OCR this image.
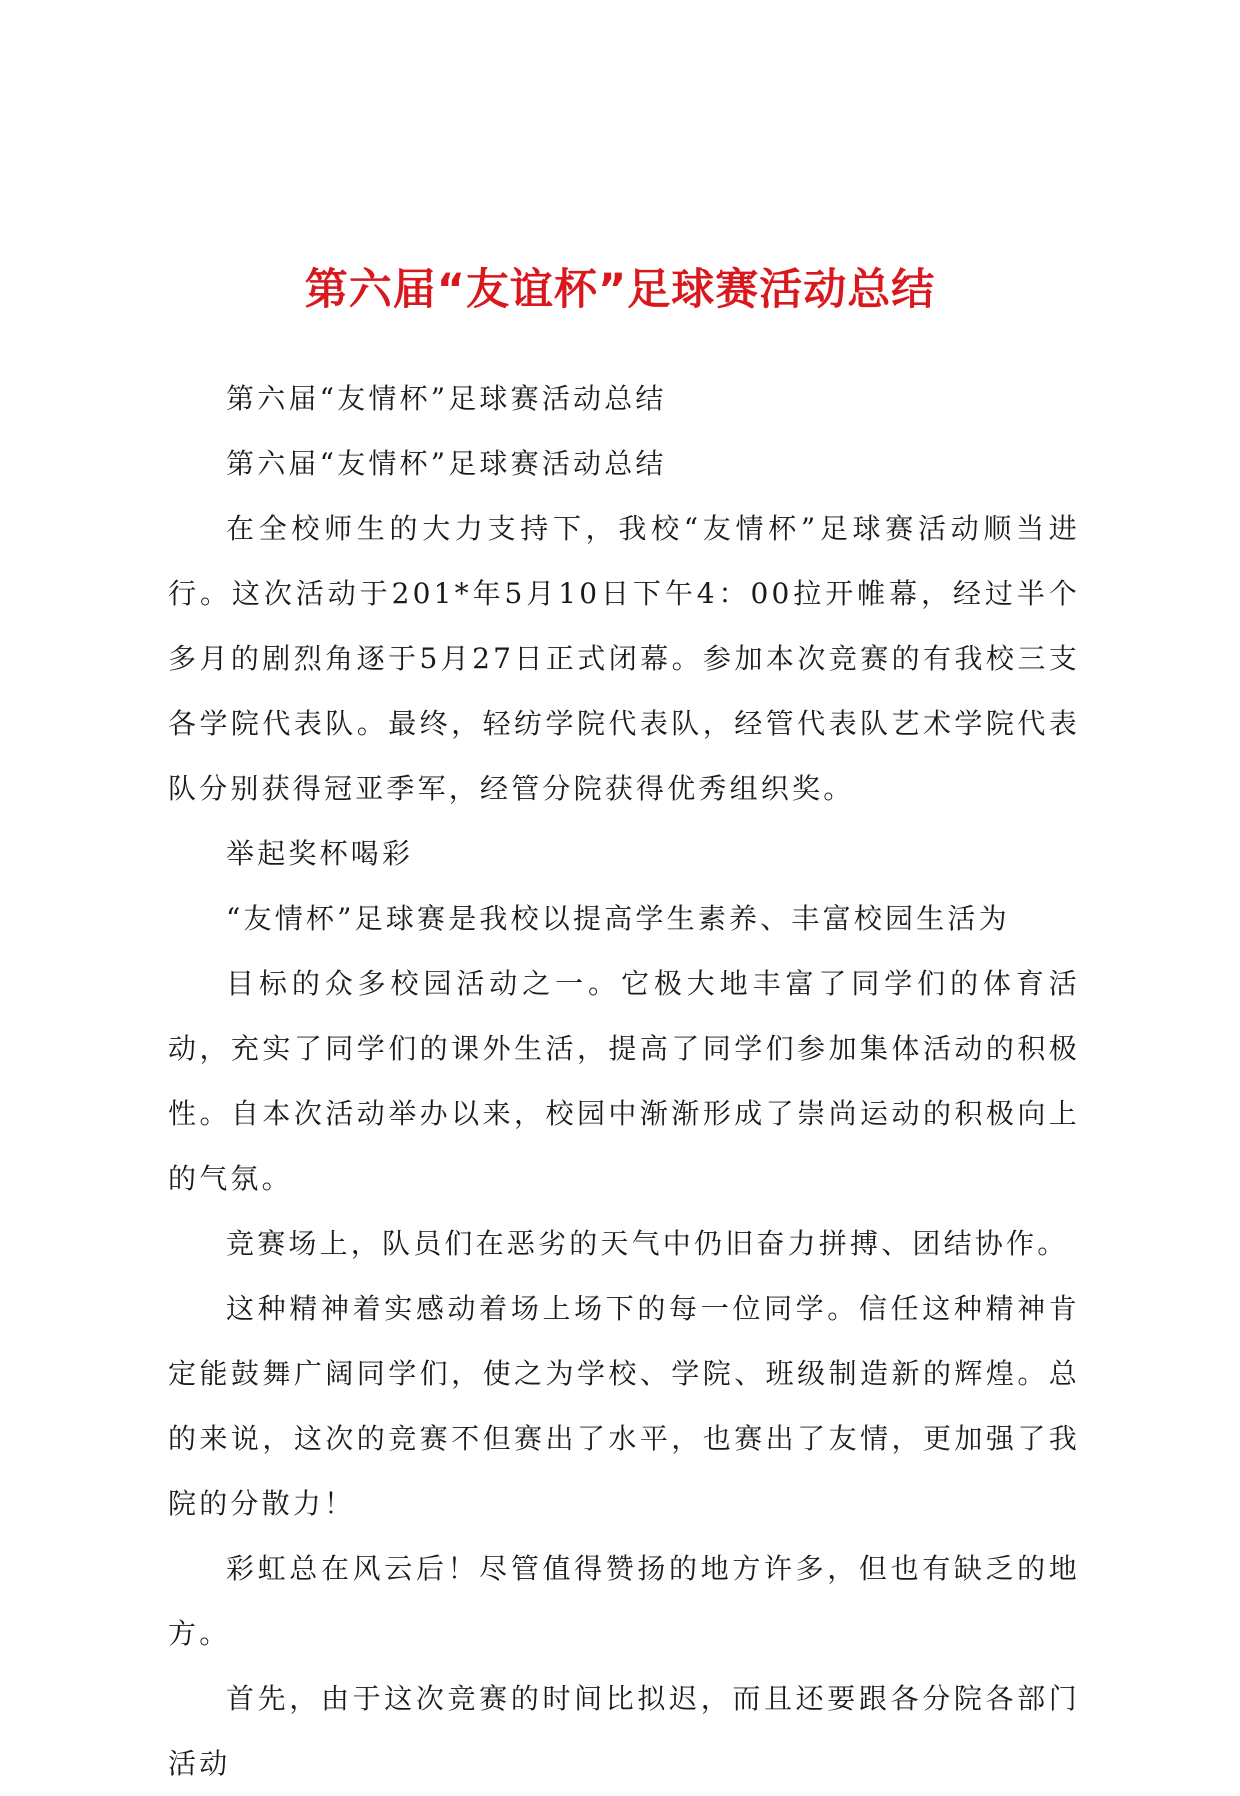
第六届“友谊杯”足球赛活动总结

第六届“友情杯”足球赛活动总结

第六届“友情杯”足球赛活动总结

在全校师生的大力支持下，我校“友情杯”足球赛活动顺当进行。这次活动于201*年5月10日下午4：00拉开帷幕，经过半个多月的剧烈角逐于5月27日正式闭幕。参加本次竞赛的有我校三支各学院代表队。最终，轻纺学院代表队，经管代表队艺术学院代表队分别获得冠亚季军，经管分院获得优秀组织奖。

举起奖杯喝彩

“友情杯”足球赛是我校以提高学生素养、丰富校园生活为

目标的众多校园活动之一。它极大地丰富了同学们的体育活动，充实了同学们的课外生活，提高了同学们参加集体活动的积极性。自本次活动举办以来，校园中渐渐形成了崇尚运动的积极向上的气氛。

竞赛场上，队员们在恶劣的天气中仍旧奋力拼搏、团结协作。

这种精神着实感动着场上场下的每一位同学。信任这种精神肯定能鼓舞广阔同学们，使之为学校、学院、班级制造新的辉煌。总的来说，这次的竞赛不但赛出了水平，也赛出了友情，更加强了我院的分散力！

彩虹总在风云后！尽管值得赞扬的地方许多，但也有缺乏的地方。

首先，由于这次竞赛的时间比拟迟，而且还要跟各分院各部门活动
